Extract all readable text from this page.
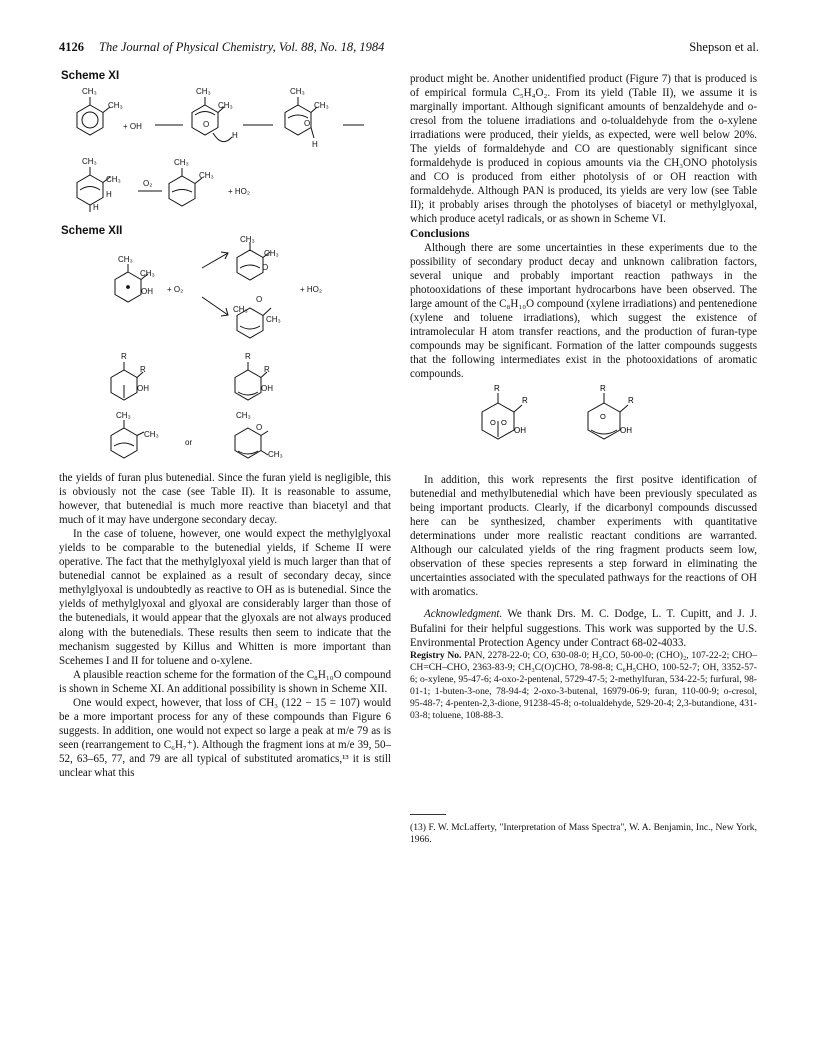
4126 The Journal of Physical Chemistry, Vol. 88, No. 18, 1984	Shepson et al.
Scheme XI
Scheme XII
CH₃
CH₃
+ OH
CH₃
CH₃
O
H
CH₃
CH₃
O
H
CH₃
CH₃
H
H
O₂
CH₃
CH₃
+ HO₂
CH₃
CH₃
OH + O₂
CH₃
CH₃
O
CH₃
O
CH₃
+ HO₂
R
R
OH
R
R
OH
CH₃
CH₃
or
CH₃
O
CH₃

the yields of furan plus butenedial. Since the furan yield is negligible, this is obviously not the case (see Table II). It is reasonable to assume, however, that butenedial is much more reactive than biacetyl and that much of it may have undergone secondary decay.

In the case of toluene, however, one would expect the methylglyoxal yields to be comparable to the butenedial yields, if Scheme II were operative. The fact that the methylglyoxal yield is much larger than that of butenedial cannot be explained as a result of secondary decay, since methylglyoxal is undoubtedly as reactive to OH as is butenedial. Since the yields of methylglyoxal and glyoxal are considerably larger than those of the butenedials, it would appear that the glyoxals are not always produced along with the butenedials. These results then seem to indicate that the mechanism suggested by Killus and Whitten is more important than Scehemes I and II for toluene and o-xylene.

A plausible reaction scheme for the formation of the C₈H₁₀O compound is shown in Scheme XI. An additional possibility is shown in Scheme XII.

One would expect, however, that loss of CH₃ (122 − 15 = 107) would be a more important process for any of these compounds than Figure 6 suggests. In addition, one would not expect so large a peak at m/e 79 as is seen (rearrangement to C₆H₇⁺). Although the fragment ions at m/e 39, 50–52, 63–65, 77, and 79 are all typical of substituted aromatics,¹³ it is still unclear what this

product might be. Another unidentified product (Figure 7) that is produced is of empirical formula C₅H₄O₂. From its yield (Table II), we assume it is marginally important. Although significant amounts of benzaldehyde and o-cresol from the toluene irradiations and o-tolualdehyde from the o-xylene irradiations were produced, their yields, as expected, were well below 20%. The yields of formaldehyde and CO are questionably significant since formaldehyde is produced in copious amounts via the CH₃ONO photolysis and CO is produced from either photolysis of or OH reaction with formaldehyde. Although PAN is produced, its yields are very low (see Table II); it probably arises through the photolyses of biacetyl or methylglyoxal, which produce acetyl radicals, or as shown in Scheme VI.

Conclusions

Although there are some uncertainties in these experiments due to the possibility of secondary product decay and unknown calibration factors, several unique and probably important reaction pathways in the photooxidations of these important hydrocarbons have been observed. The large amount of the C₈H₁₀O compound (xylene irradiations) and pentenedione (xylene and toluene irradiations), which suggest the existence of intramolecular H atom transfer reactions, and the production of furan-type compounds may be significant. Formation of the latter compounds suggests that the following intermediates exist in the photooxidations of aromatic compounds.

R
R
O O
OH
R
R
O
OH

In addition, this work represents the first positve identification of butenedial and methylbutenedial which have been previously speculated as being important products. Clearly, if the dicarbonyl compounds discussed here can be synthesized, chamber experiments with quantitative determinations under more realistic reactant conditions are warranted. Although our calculated yields of the ring fragment products seem low, observation of these species represents a step forward in eliminating the uncertainties associated with the speculated pathways for the reactions of OH with aromatics.

Acknowledgment. We thank Drs. M. C. Dodge, L. T. Cupitt, and J. J. Bufalini for their helpful suggestions. This work was supported by the U.S. Environmental Protection Agency under Contract 68-02-4033.

Registry No. PAN, 2278-22-0; CO, 630-08-0; H₂CO, 50-00-0; (CHO)₂, 107-22-2; CHO–CH=CH–CHO, 2363-83-9; CH₃C(O)CHO, 78-98-8; C₆H₅CHO, 100-52-7; OH, 3352-57-6; o-xylene, 95-47-6; 4-oxo-2-pentenal, 5729-47-5; 2-methylfuran, 534-22-5; furfural, 98-01-1; 1-buten-3-one, 78-94-4; 2-oxo-3-butenal, 16979-06-9; furan, 110-00-9; o-cresol, 95-48-7; 4-penten-2,3-dione, 91238-45-8; o-tolualdehyde, 529-20-4; 2,3-butandione, 431-03-8; toluene, 108-88-3.

(13) F. W. McLafferty, "Interpretation of Mass Spectra", W. A. Benjamin, Inc., New York, 1966.
